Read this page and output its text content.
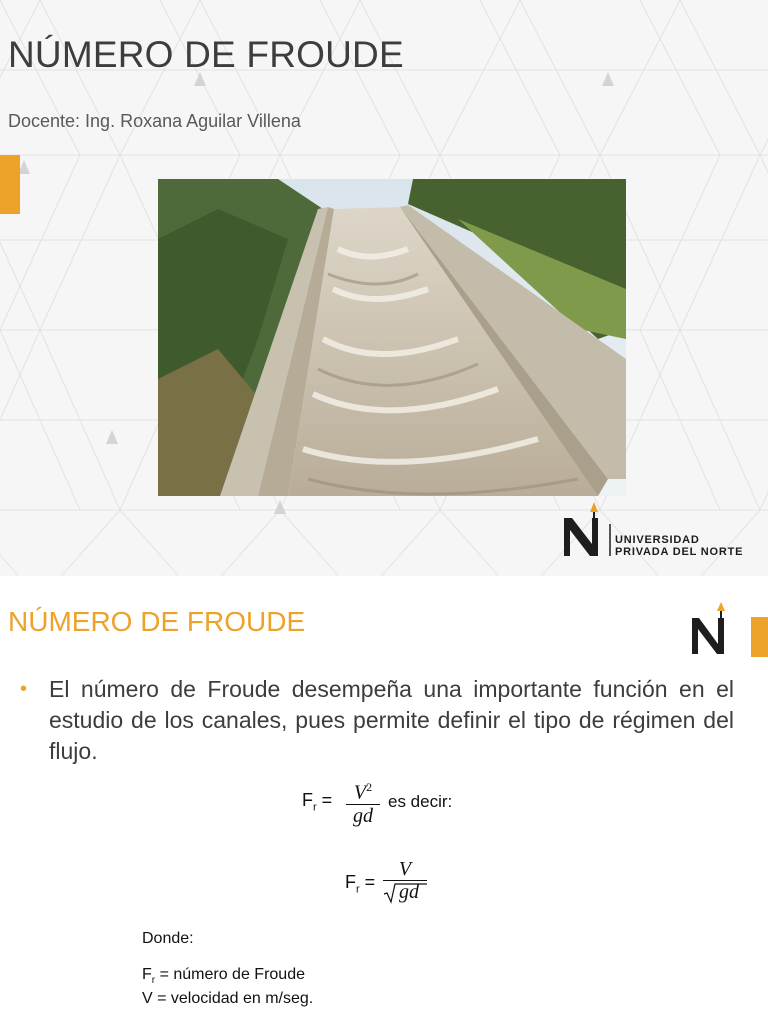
NÚMERO DE FROUDE
Docente: Ing. Roxana Aguilar Villena
UNIVERSIDAD
PRIVADA DEL NORTE
NÚMERO DE FROUDE
• El número de Froude desempeña una importante función en el estudio de los canales, pues permite definir el tipo de régimen del flujo.
$F_r$ =	$V^2$
gd
es decir:
$F_r$ =
V
gd
Donde:
$F_r$ = número de Froude
V = velocidad en m/seg.
